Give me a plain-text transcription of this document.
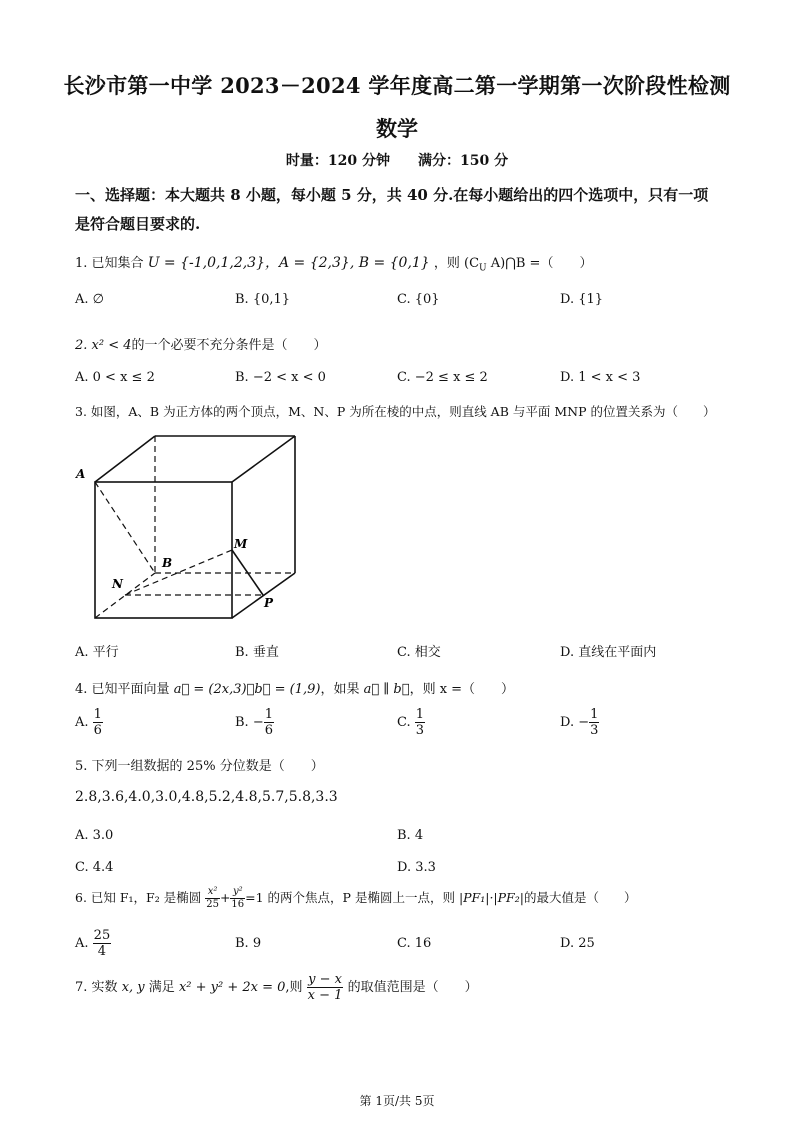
长沙市第一中学 2023－2024 学年度高二第一学期第一次阶段性检测
数学
时量：120 分钟　　满分：150 分
一、选择题：本大题共 8 小题，每小题 5 分，共 40 分.在每小题给出的四个选项中，只有一项
是符合题目要求的.
1. 已知集合 U = {-1,0,1,2,3}，A = {2,3}, B = {0,1} ，则 ($C_U$ A)⋂B =（　　）
A. ∅	B. {0,1}	C. {0}	D. {1}
2. x² < 4的一个必要不充分条件是（　　）
A. 0 < x ≤ 2	B. −2 < x < 0	C. −2 ≤ x ≤ 2	D. 1 < x < 3
3. 如图，A、B 为正方体的两个顶点，M、N、P 为所在棱的中点，则直线 AB 与平面 MNP 的位置关系为（　　）
A
B
M
N
P
A. 平行	B. 垂直	C. 相交	D. 直线在平面内
4. 已知平面向量 a⃗ = (2x,3)，b⃗ = (1,9)，如果 a⃗ ∥ b⃗，则 x =（　　）
A. $\frac{1}{6}$	B. − $\frac{1}{6}$	C. $\frac{1}{3}$	D. − $\frac{1}{3}$
5. 下列一组数据的 25% 分位数是（　　）
2.8,3.6,4.0,3.0,4.8,5.2,4.8,5.7,5.8,3.3
A. 3.0	B. 4
C. 4.4	D. 3.3
6. 已知 F₁，F₂ 是椭圆 $\frac{\text{x²}}{25} + \frac{\text{y²}}{16} =1$ 的两个焦点，P 是椭圆上一点，则 |PF₁|·|PF₂|的最大值是（　　）
A. $\frac{25}{4}$	B. 9	C. 16	D. 25
7. 实数 x, y 满足 x² + y² + 2x = 0,则 $\frac{y - x}{x - 1}$ 的取值范围是（　　）
第 1页/共 5页
